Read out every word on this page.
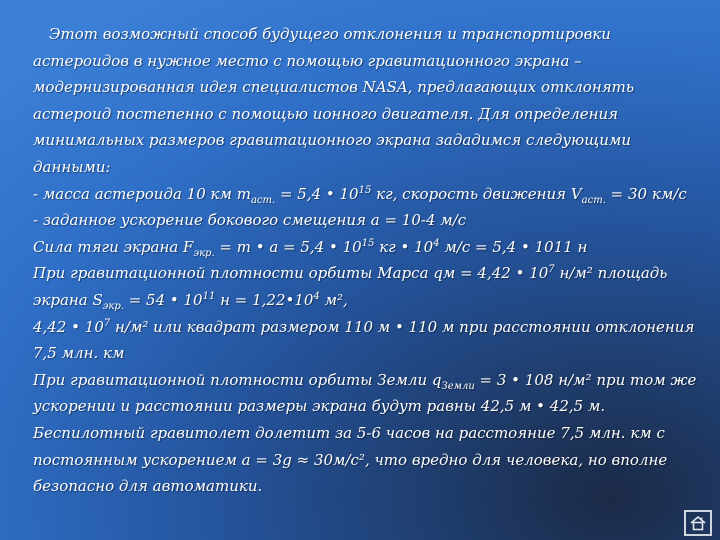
Этот возможный способ будущего отклонения и транспортировки
астероидов в нужное место с помощью гравитационного экрана –
модернизированная идея специалистов NASA, предлагающих отклонять
астероид постепенно с помощью ионного двигателя. Для определения
минимальных размеров гравитационного экрана зададимся следующими
данными:
- масса астероида 10 км $m_{аст.} = 5,4$ • $10^{15}$ кг, скорость движения $V_{аст.} = 30$ км/с
- заданное ускорение бокового смещения a = 10-4 м/с
Сила тяги экрана $F_{экр.} = m$ • a = 5,4 • $10^{15}$ кг • $10^4$ м/с = 5,4 • 1011 н
При гравитационной плотности орбиты Марса qм = 4,42 • $10^7$ н/м² площадь
экрана $S_{экр.} = 54$ • $10^{11}$ $н = 1,22•10^4$ м²,
4,42 • $10^7$ н/м² или квадрат размером 110 м • 110 м при расстоянии отклонения
7,5 млн. км
При гравитационной плотности орбиты Земли $q_{Земли} = 3$ • 108 н/м² при том же
ускорении и расстоянии размеры экрана будут равны 42,5 м • 42,5 м.
Беспилотный гравитолет долетит за 5-6 часов на расстояние 7,5 млн. км с
постоянным ускорением a = 3g ≈ 30м/с², что вредно для человека, но вполне
безопасно для автоматики.
